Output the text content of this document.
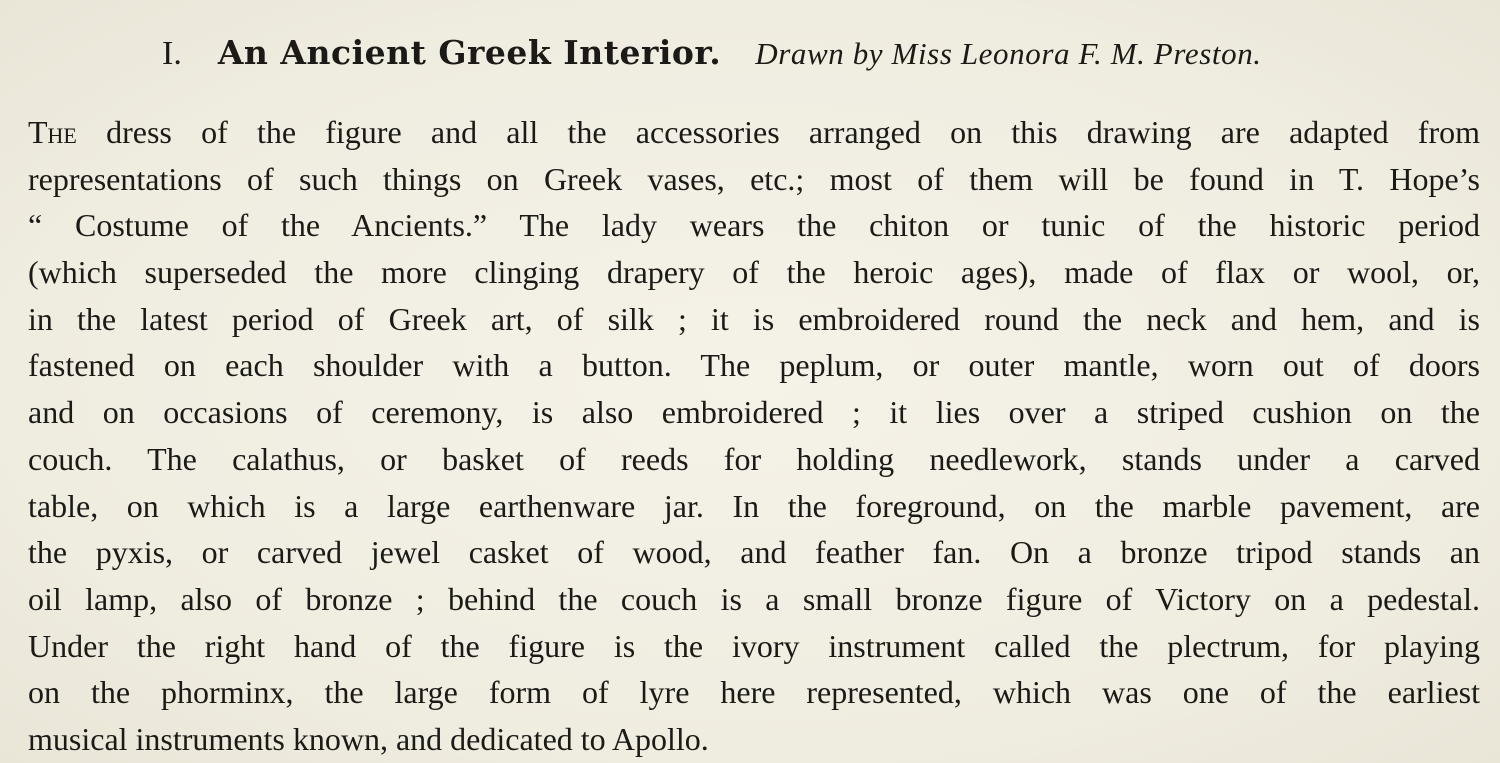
I. An Ancient Greek Interior. Drawn by Miss Leonora F. M. Preston.
The dress of the figure and all the accessories arranged on this drawing are adapted from
representations of such things on Greek vases, etc.; most of them will be found in T. Hope’s
“ Costume of the Ancients.” The lady wears the chiton or tunic of the historic period
(which superseded the more clinging drapery of the heroic ages), made of flax or wool, or,
in the latest period of Greek art, of silk ; it is embroidered round the neck and hem, and is
fastened on each shoulder with a button. The peplum, or outer mantle, worn out of doors
and on occasions of ceremony, is also embroidered ; it lies over a striped cushion on the
couch. The calathus, or basket of reeds for holding needlework, stands under a carved
table, on which is a large earthenware jar. In the foreground, on the marble pavement, are
the pyxis, or carved jewel casket of wood, and feather fan. On a bronze tripod stands an
oil lamp, also of bronze ; behind the couch is a small bronze figure of Victory on a pedestal.
Under the right hand of the figure is the ivory instrument called the plectrum, for playing
on the phorminx, the large form of lyre here represented, which was one of the earliest
musical instruments known, and dedicated to Apollo.
